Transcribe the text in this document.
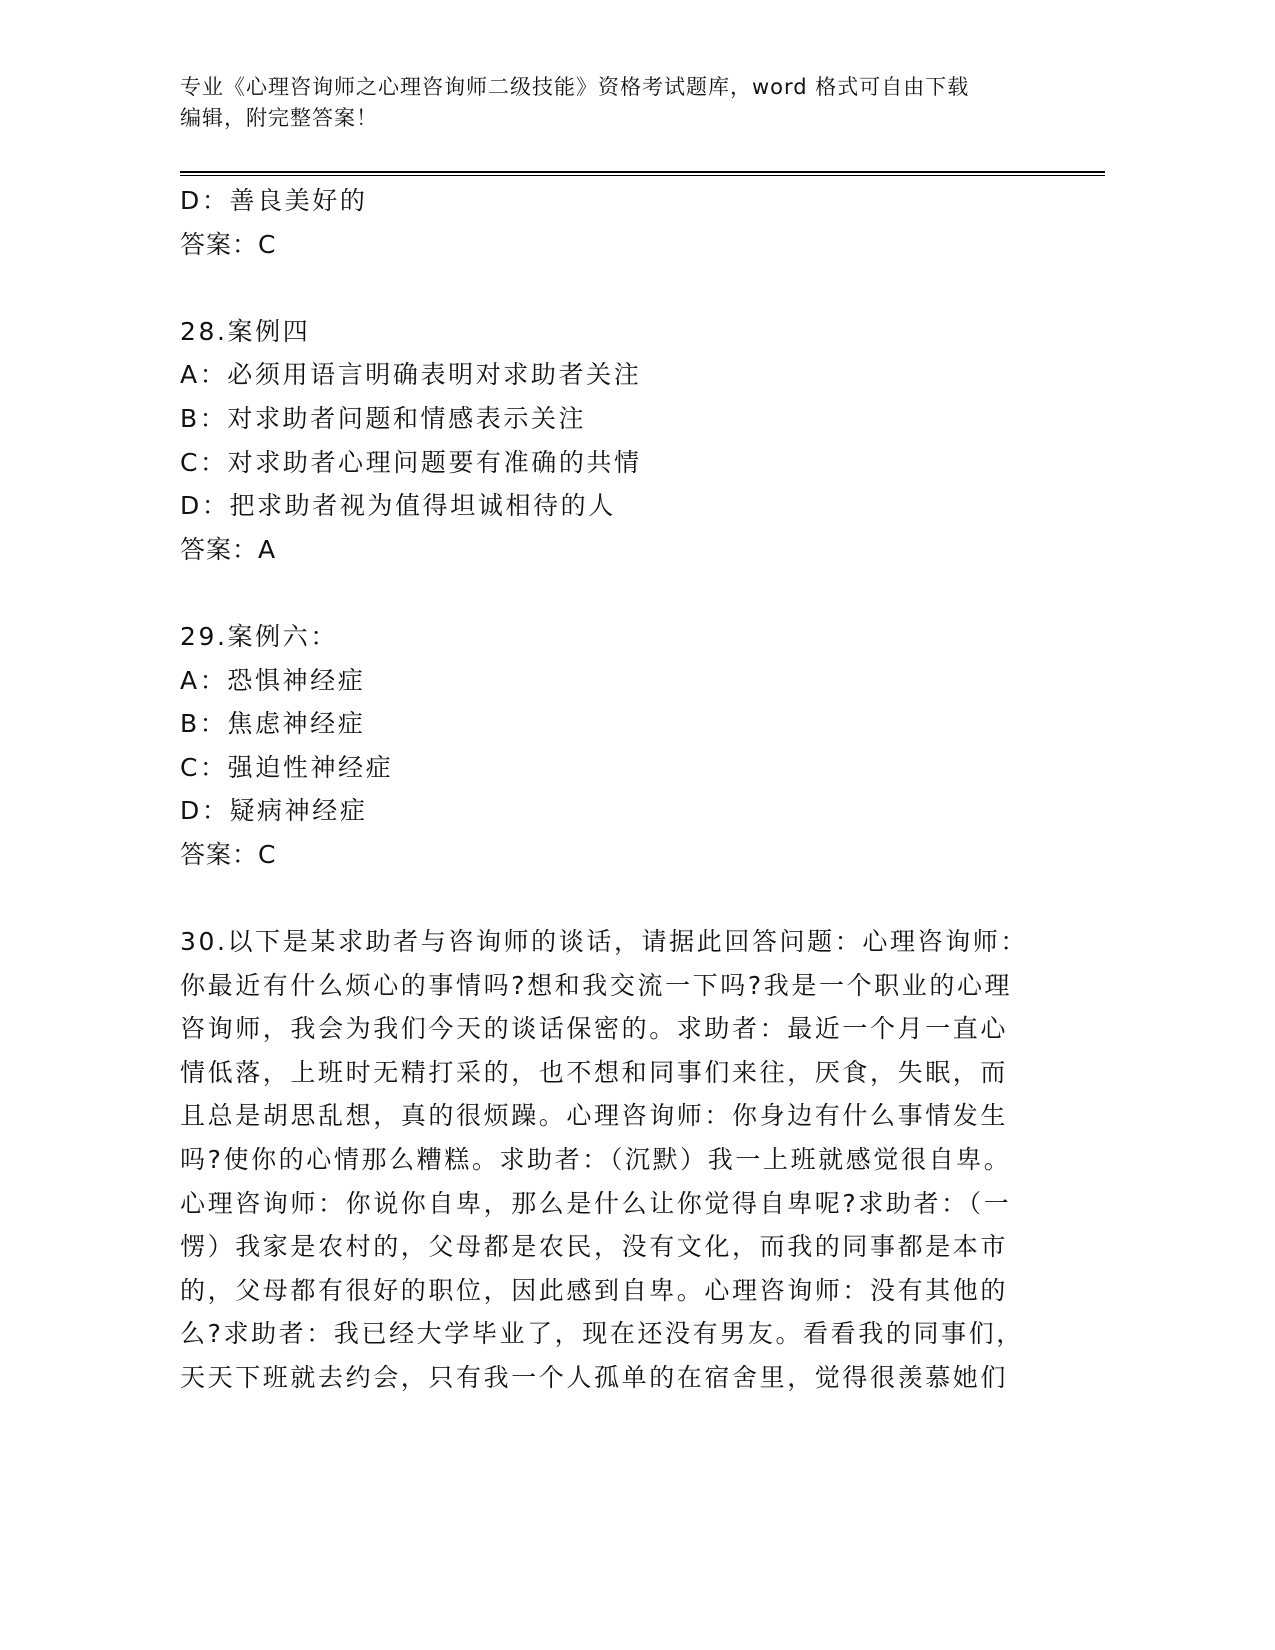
专业《心理咨询师之心理咨询师二级技能》资格考试题库，word 格式可自由下载
编辑，附完整答案！
D：善良美好的
答案：C
28.案例四
A：必须用语言明确表明对求助者关注
B：对求助者问题和情感表示关注
C：对求助者心理问题要有准确的共情
D：把求助者视为值得坦诚相待的人
答案：A
29.案例六：
A：恐惧神经症
B：焦虑神经症
C：强迫性神经症
D：疑病神经症
答案：C
30.以下是某求助者与咨询师的谈话，请据此回答问题：心理咨询师：
你最近有什么烦心的事情吗?想和我交流一下吗?我是一个职业的心理
咨询师，我会为我们今天的谈话保密的。求助者：最近一个月一直心
情低落，上班时无精打采的，也不想和同事们来往，厌食，失眠，而
且总是胡思乱想，真的很烦躁。心理咨询师：你身边有什么事情发生
吗?使你的心情那么糟糕。求助者：（沉默）我一上班就感觉很自卑。
心理咨询师：你说你自卑，那么是什么让你觉得自卑呢?求助者：（一
愣）我家是农村的，父母都是农民，没有文化，而我的同事都是本市
的，父母都有很好的职位，因此感到自卑。心理咨询师：没有其他的
么?求助者：我已经大学毕业了，现在还没有男友。看看我的同事们，
天天下班就去约会，只有我一个人孤单的在宿舍里，觉得很羡慕她们
